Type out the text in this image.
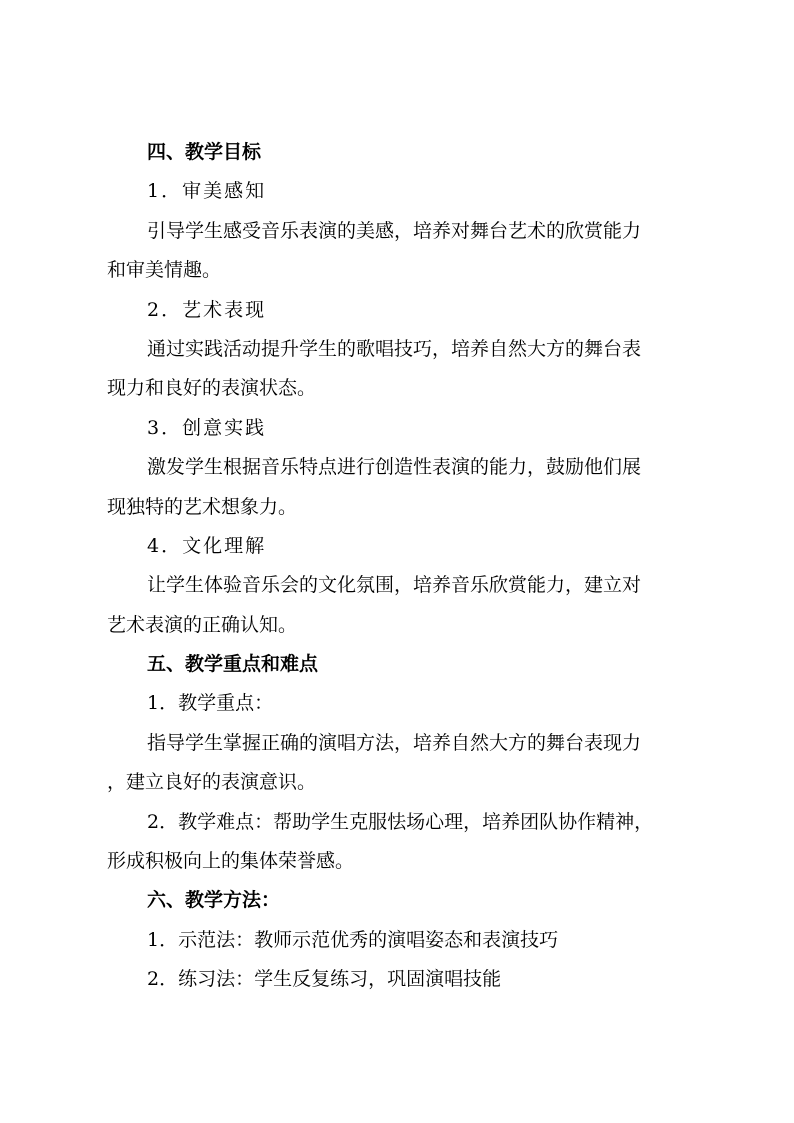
四、教学目标
1．审美感知
引导学生感受音乐表演的美感，培养对舞台艺术的欣赏能力
和审美情趣。
2．艺术表现
通过实践活动提升学生的歌唱技巧，培养自然大方的舞台表
现力和良好的表演状态。
3．创意实践
激发学生根据音乐特点进行创造性表演的能力，鼓励他们展
现独特的艺术想象力。
4．文化理解
让学生体验音乐会的文化氛围，培养音乐欣赏能力，建立对
艺术表演的正确认知。
五、教学重点和难点
1．教学重点：
指导学生掌握正确的演唱方法，培养自然大方的舞台表现力
，建立良好的表演意识。
2．教学难点：帮助学生克服怯场心理，培养团队协作精神，
形成积极向上的集体荣誉感。
六、教学方法：
1．示范法：教师示范优秀的演唱姿态和表演技巧
2．练习法：学生反复练习，巩固演唱技能
